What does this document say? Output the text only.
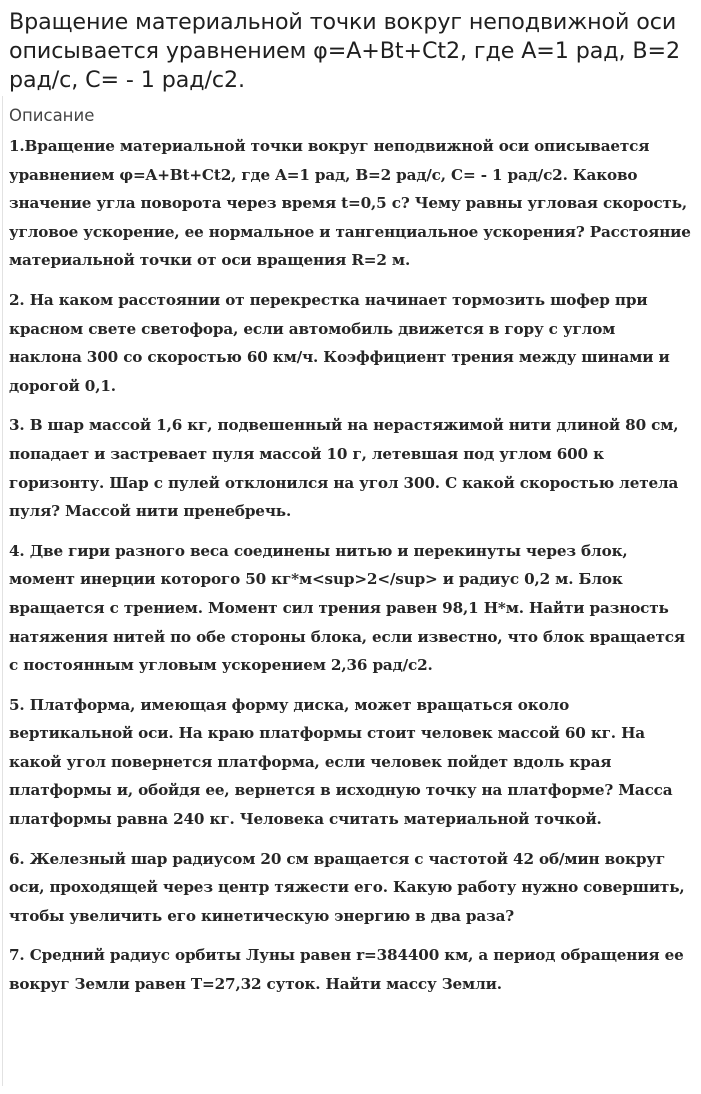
Вращение материальной точки вокруг неподвижной оси описывается уравнением φ=A+Bt+Ct2, где A=1 рад, B=2 рад/с, C= - 1 рад/с2.
Описание

1.Вращение материальной точки вокруг неподвижной оси описывается уравнением φ=A+Bt+Ct2, где A=1 рад, B=2 рад/с, C= - 1 рад/с2. Каково значение угла поворота через время t=0,5 с? Чему равны угловая скорость, угловое ускорение, ее нормальное и тангенциальное ускорения? Расстояние материальной точки от оси вращения R=2 м.

2. На каком расстоянии от перекрестка начинает тормозить шофер при красном свете светофора, если автомобиль движется в гору с углом наклона 300 со скоростью 60 км/ч. Коэффициент трения между шинами и дорогой 0,1.

3. В шар массой 1,6 кг, подвешенный на нерастяжимой нити длиной 80 см, попадает и застревает пуля массой 10 г, летевшая под углом 600 к горизонту. Шар с пулей отклонился на угол 300. С какой скоростью летела пуля? Массой нити пренебречь.

4. Две гири разного веса соединены нитью и перекинуты через блок, момент инерции которого 50 кг*м<sup>2</sup> и радиус 0,2 м. Блок вращается с трением. Момент сил трения равен 98,1 Н*м. Найти разность натяжения нитей по обе стороны блока, если известно, что блок вращается с постоянным угловым ускорением 2,36 рад/с2.

5. Платформа, имеющая форму диска, может вращаться около вертикальной оси. На краю платформы стоит человек массой 60 кг. На какой угол повернется платформа, если человек пойдет вдоль края платформы и, обойдя ее, вернется в исходную точку на платформе? Масса платформы равна 240 кг. Человека считать материальной точкой.

6. Железный шар радиусом 20 см вращается с частотой 42 об/мин вокруг оси, проходящей через центр тяжести его. Какую работу нужно совершить, чтобы увеличить его кинетическую энергию в два раза?

7. Средний радиус орбиты Луны равен r=384400 км, а период обращения ее вокруг Земли равен T=27,32 суток. Найти массу Земли.
